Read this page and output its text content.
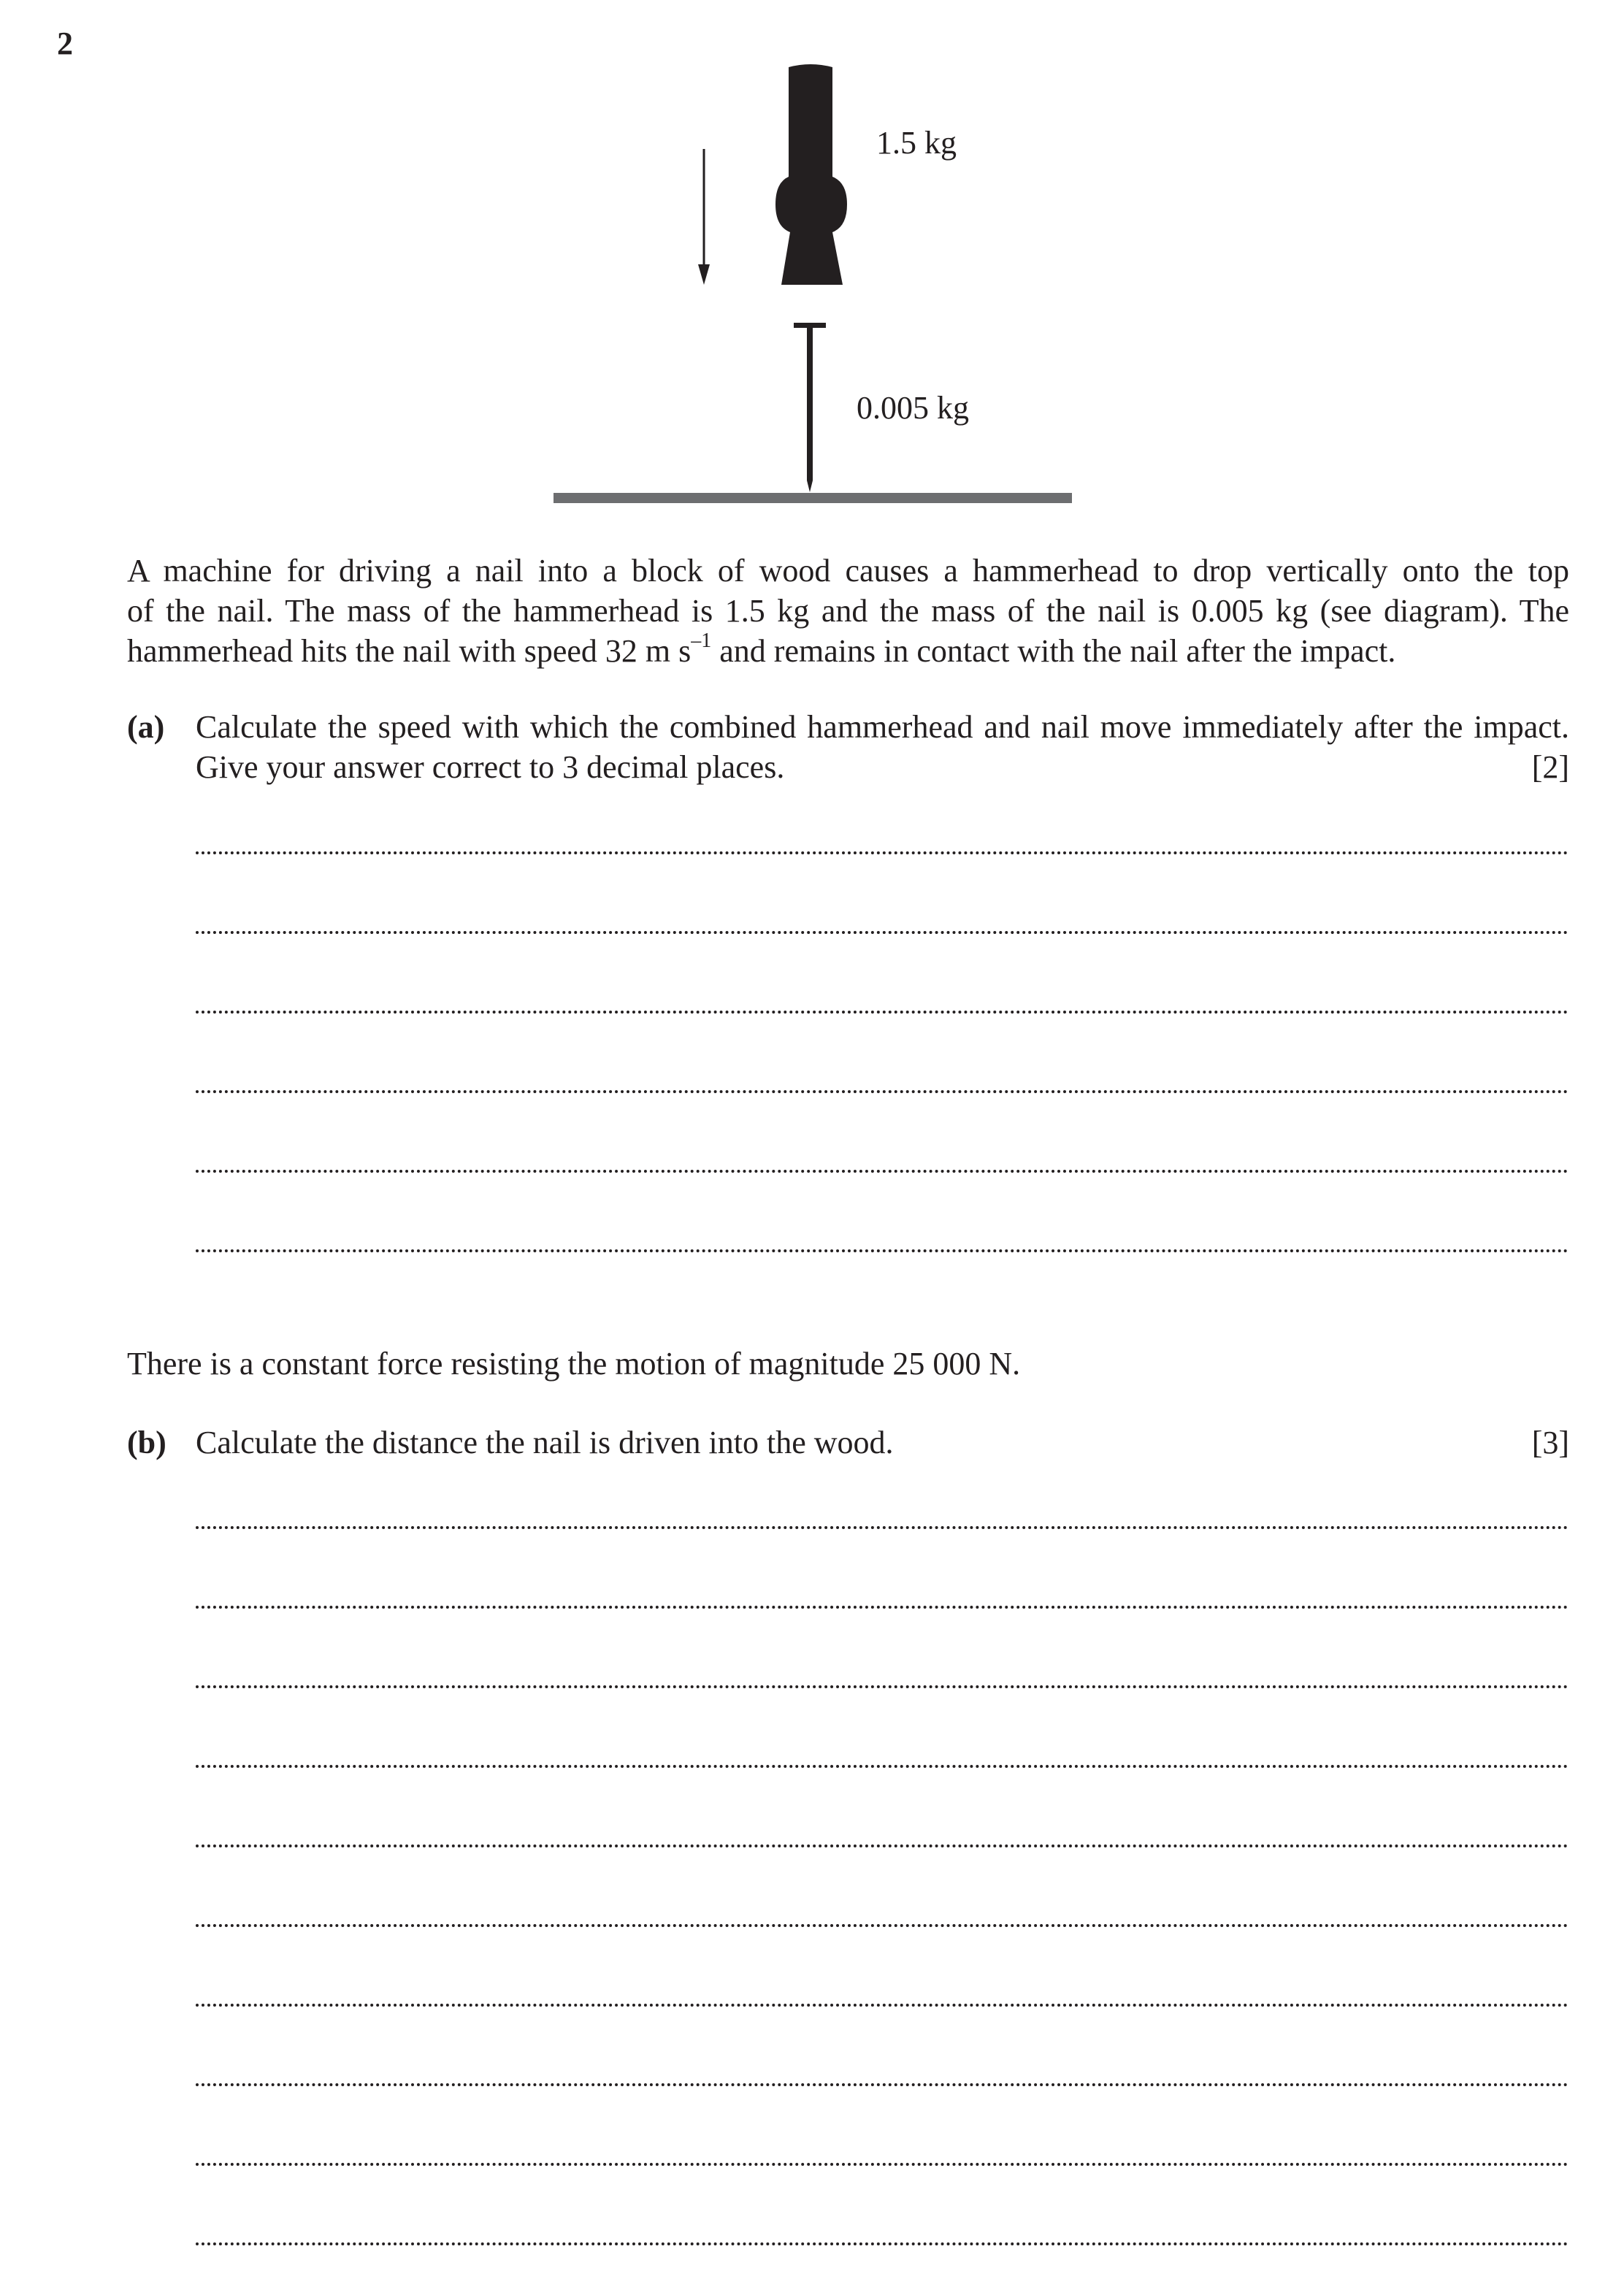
2
1.5 kg
0.005 kg
A machine for driving a nail into a block of wood causes a hammerhead to drop vertically onto the top
of the nail. The mass of the hammerhead is 1.5 kg and the mass of the nail is 0.005 kg (see diagram). The
hammerhead hits the nail with speed 32 m $s^{-1}$ and remains in contact with the nail after the impact.
(a) Calculate the speed with which the combined hammerhead and nail move immediately after the impact.
Give your answer correct to 3 decimal places.	[2]
There is a constant force resisting the motion of magnitude 25 000 N.
(b) Calculate the distance the nail is driven into the wood.	[3]
